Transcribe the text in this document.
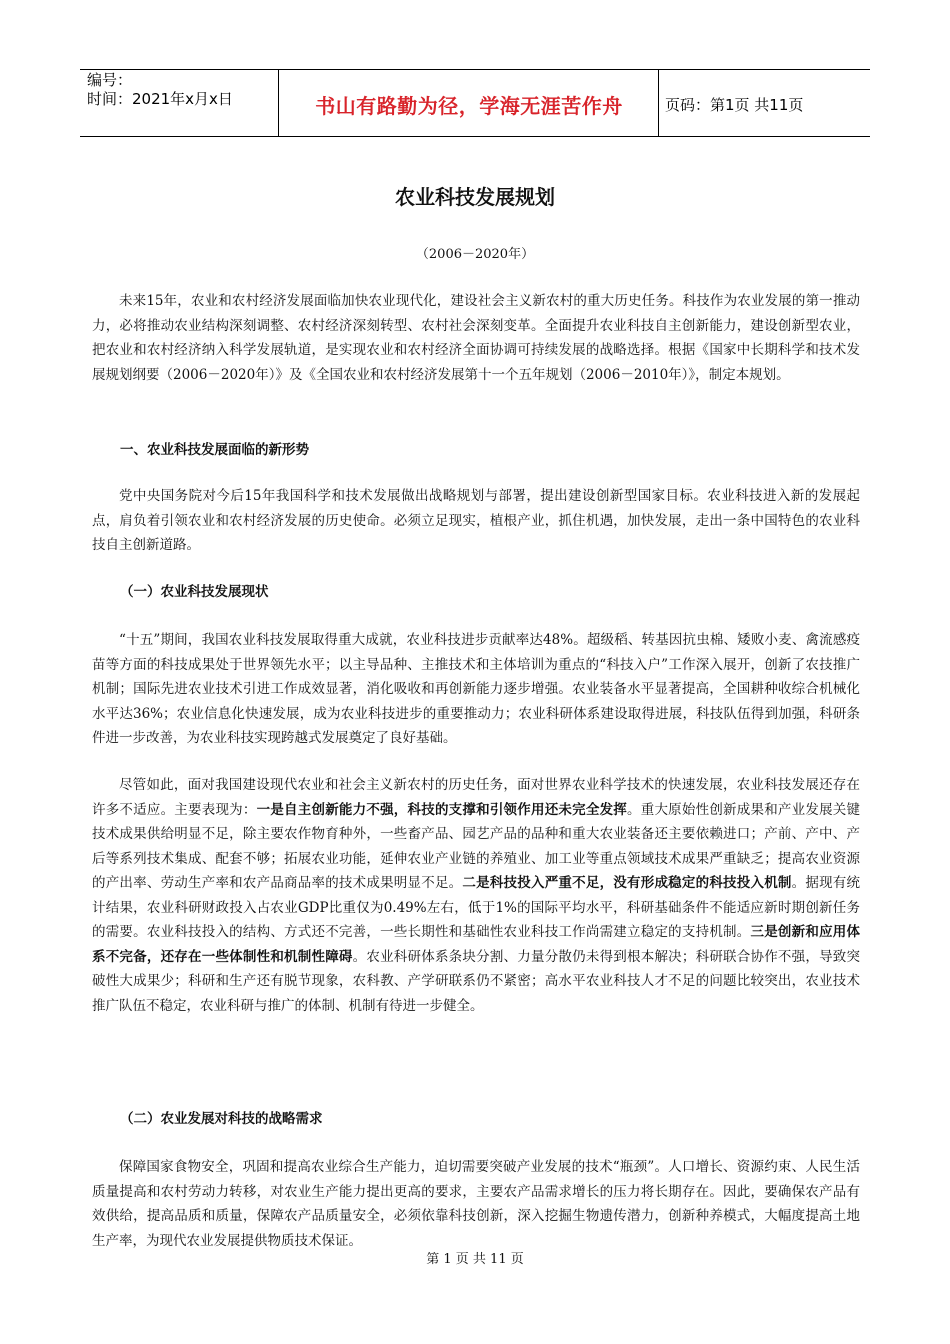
编号：
时间：2021年x月x日	书山有路勤为径，学海无涯苦作舟	页码：第1页 共11页
农业科技发展规划
（2006－2020年）

未来15年，农业和农村经济发展面临加快农业现代化，建设社会主义新农村的重大历史任务。科技作为农业发展的第一推动力，必将推动农业结构深刻调整、农村经济深刻转型、农村社会深刻变革。全面提升农业科技自主创新能力，建设创新型农业，把农业和农村经济纳入科学发展轨道，是实现农业和农村经济全面协调可持续发展的战略选择。根据《国家中长期科学和技术发展规划纲要（2006－2020年）》及《全国农业和农村经济发展第十一个五年规划（2006－2010年）》，制定本规划。

一、农业科技发展面临的新形势

党中央国务院对今后15年我国科学和技术发展做出战略规划与部署，提出建设创新型国家目标。农业科技进入新的发展起点，肩负着引领农业和农村经济发展的历史使命。必须立足现实，植根产业，抓住机遇，加快发展，走出一条中国特色的农业科技自主创新道路。

（一）农业科技发展现状

“十五”期间，我国农业科技发展取得重大成就，农业科技进步贡献率达48%。超级稻、转基因抗虫棉、矮败小麦、禽流感疫苗等方面的科技成果处于世界领先水平；以主导品种、主推技术和主体培训为重点的“科技入户”工作深入展开，创新了农技推广机制；国际先进农业技术引进工作成效显著，消化吸收和再创新能力逐步增强。农业装备水平显著提高，全国耕种收综合机械化水平达36%；农业信息化快速发展，成为农业科技进步的重要推动力；农业科研体系建设取得进展，科技队伍得到加强，科研条件进一步改善，为农业科技实现跨越式发展奠定了良好基础。

尽管如此，面对我国建设现代农业和社会主义新农村的历史任务，面对世界农业科学技术的快速发展，农业科技发展还存在许多不适应。主要表现为：一是自主创新能力不强，科技的支撑和引领作用还未完全发挥。重大原始性创新成果和产业发展关键技术成果供给明显不足，除主要农作物育种外，一些畜产品、园艺产品的品种和重大农业装备还主要依赖进口；产前、产中、产后等系列技术集成、配套不够；拓展农业功能，延伸农业产业链的养殖业、加工业等重点领域技术成果严重缺乏；提高农业资源的产出率、劳动生产率和农产品商品率的技术成果明显不足。二是科技投入严重不足，没有形成稳定的科技投入机制。据现有统计结果，农业科研财政投入占农业GDP比重仅为0.49%左右，低于1%的国际平均水平，科研基础条件不能适应新时期创新任务的需要。农业科技投入的结构、方式还不完善，一些长期性和基础性农业科技工作尚需建立稳定的支持机制。三是创新和应用体系不完备，还存在一些体制性和机制性障碍。农业科研体系条块分割、力量分散仍未得到根本解决；科研联合协作不强，导致突破性大成果少；科研和生产还有脱节现象，农科教、产学研联系仍不紧密；高水平农业科技人才不足的问题比较突出，农业技术推广队伍不稳定，农业科研与推广的体制、机制有待进一步健全。

（二）农业发展对科技的战略需求

保障国家食物安全，巩固和提高农业综合生产能力，迫切需要突破产业发展的技术“瓶颈”。人口增长、资源约束、人民生活质量提高和农村劳动力转移，对农业生产能力提出更高的要求，主要农产品需求增长的压力将长期存在。因此，要确保农产品有效供给，提高品质和质量，保障农产品质量安全，必须依靠科技创新，深入挖掘生物遗传潜力，创新种养模式，大幅度提高土地生产率，为现代农业发展提供物质技术保证。

第 1 页 共 11 页
